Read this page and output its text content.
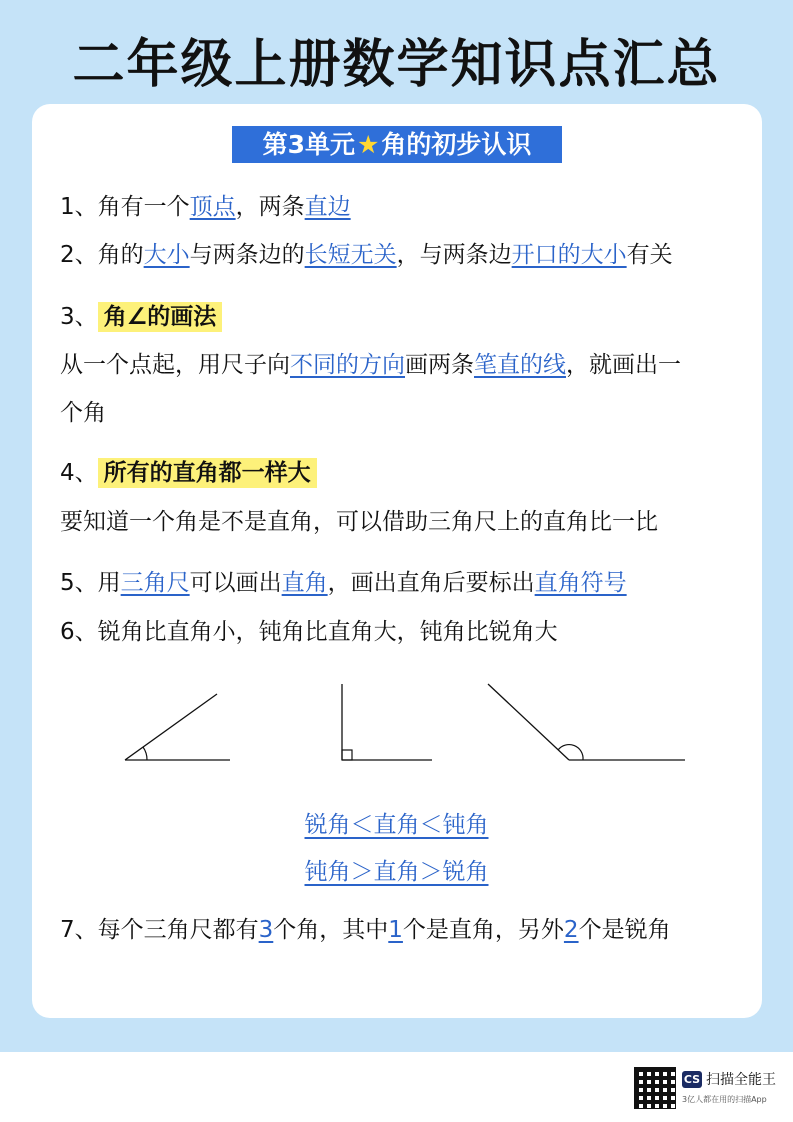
二年级上册数学知识点汇总
第3单元★角的初步认识
1、角有一个顶点，两条直边
2、角的大小与两条边的长短无关，与两条边开口的大小有关
3、 角∠的画法
从一个点起，用尺子向不同的方向画两条笔直的线，就画出一
个角
4、 所有的直角都一样大
要知道一个角是不是直角，可以借助三角尺上的直角比一比
5、用三角尺可以画出直角，画出直角后要标出直角符号
6、锐角比直角小，钝角比直角大，钝角比锐角大
锐角＜直角＜钝角
钝角＞直角＞锐角
7、每个三角尺都有3个角，其中1个是直角，另外2个是锐角
CS 扫描全能王
3亿人都在用的扫描App
